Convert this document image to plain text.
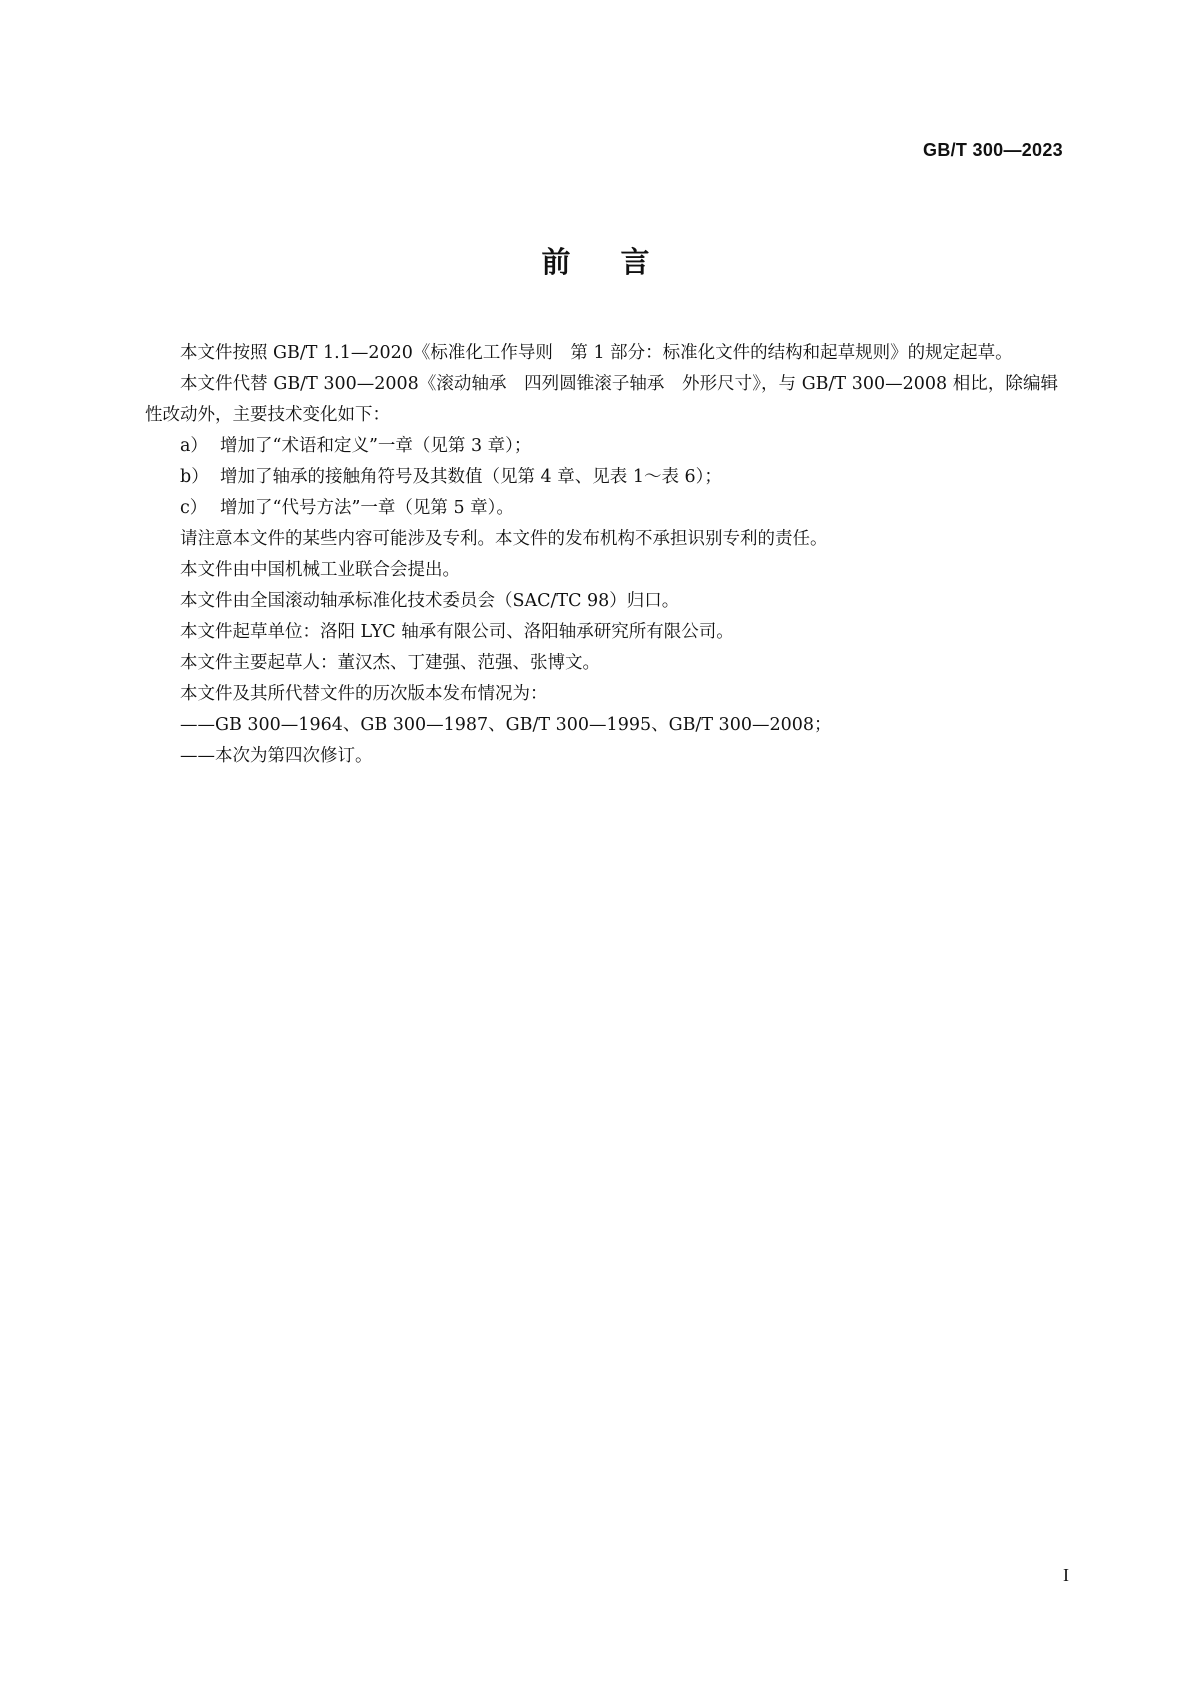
GB/T 300—2023
前 言

本文件按照 GB/T 1.1—2020《标准化工作导则　第 1 部分：标准化文件的结构和起草规则》的规定起草。

本文件代替 GB/T 300—2008《滚动轴承　四列圆锥滚子轴承　外形尺寸》，与 GB/T 300—2008 相比，除编辑性改动外，主要技术变化如下：

a） 增加了“术语和定义”一章（见第 3 章）；

b） 增加了轴承的接触角符号及其数值（见第 4 章、见表 1～表 6）；

c） 增加了“代号方法”一章（见第 5 章）。

请注意本文件的某些内容可能涉及专利。本文件的发布机构不承担识别专利的责任。

本文件由中国机械工业联合会提出。

本文件由全国滚动轴承标准化技术委员会（SAC/TC 98）归口。

本文件起草单位：洛阳 LYC 轴承有限公司、洛阳轴承研究所有限公司。

本文件主要起草人：董汉杰、丁建强、范强、张博文。

本文件及其所代替文件的历次版本发布情况为：

——GB 300—1964、GB 300—1987、GB/T 300—1995、GB/T 300—2008；

——本次为第四次修订。

I
